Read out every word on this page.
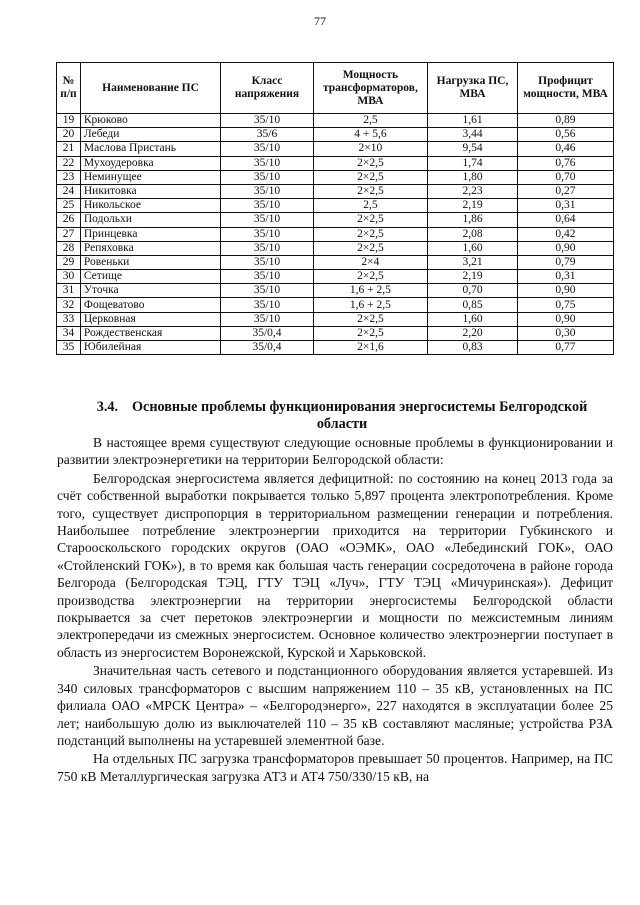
77
№ п/п	Наименование ПС	Класс напряжения	Мощность трансформаторов, МВА	Нагрузка ПС, МВА	Профицит мощности, МВА
19	Крюково	35/10	2,5	1,61	0,89
20	Лебеди	35/6	4 + 5,6	3,44	0,56
21	Маслова Пристань	35/10	2×10	9,54	0,46
22	Мухоудеровка	35/10	2×2,5	1,74	0,76
23	Неминущее	35/10	2×2,5	1,80	0,70
24	Никитовка	35/10	2×2,5	2,23	0,27
25	Никольское	35/10	2,5	2,19	0,31
26	Подольхи	35/10	2×2,5	1,86	0,64
27	Принцевка	35/10	2×2,5	2,08	0,42
28	Репяховка	35/10	2×2,5	1,60	0,90
29	Ровеньки	35/10	2×4	3,21	0,79
30	Сетище	35/10	2×2,5	2,19	0,31
31	Уточка	35/10	1,6 + 2,5	0,70	0,90
32	Фощеватово	35/10	1,6 + 2,5	0,85	0,75
33	Церковная	35/10	2×2,5	1,60	0,90
34	Рождественская	35/0,4	2×2,5	2,20	0,30
35	Юбилейная	35/0,4	2×1,6	0,83	0,77
3.4. Основные проблемы функционирования энергосистемы Белгородской области

В настоящее время существуют следующие основные проблемы в функционировании и развитии электроэнергетики на территории Белгородской области:

Белгородская энергосистема является дефицитной: по состоянию на конец 2013 года за счёт собственной выработки покрывается только 5,897 процента электропотребления. Кроме того, существует диспропорция в территориальном размещении генерации и потребления. Наибольшее потребление электроэнергии приходится на территории Губкинского и Старооскольского городских округов (ОАО «ОЭМК», ОАО «Лебединский ГОК», ОАО «Стойленский ГОК»), в то время как большая часть генерации сосредоточена в районе города Белгорода (Белгородская ТЭЦ, ГТУ ТЭЦ «Луч», ГТУ ТЭЦ «Мичуринская»). Дефицит производства электроэнергии на территории энергосистемы Белгородской области покрывается за счет перетоков электроэнергии и мощности по межсистемным линиям электропередачи из смежных энергосистем. Основное количество электроэнергии поступает в область из энергосистем Воронежской, Курской и Харьковской.

Значительная часть сетевого и подстанционного оборудования является устаревшей. Из 340 силовых трансформаторов с высшим напряжением 110 – 35 кВ, установленных на ПС филиала ОАО «МРСК Центра» – «Белгородэнерго», 227 находятся в эксплуатации более 25 лет; наибольшую долю из выключателей 110 – 35 кВ составляют масляные; устройства РЗА подстанций выполнены на устаревшей элементной базе.

На отдельных ПС загрузка трансформаторов превышает 50 процентов. Например, на ПС 750 кВ Металлургическая загрузка АТ3 и АТ4 750/330/15 кВ, на
